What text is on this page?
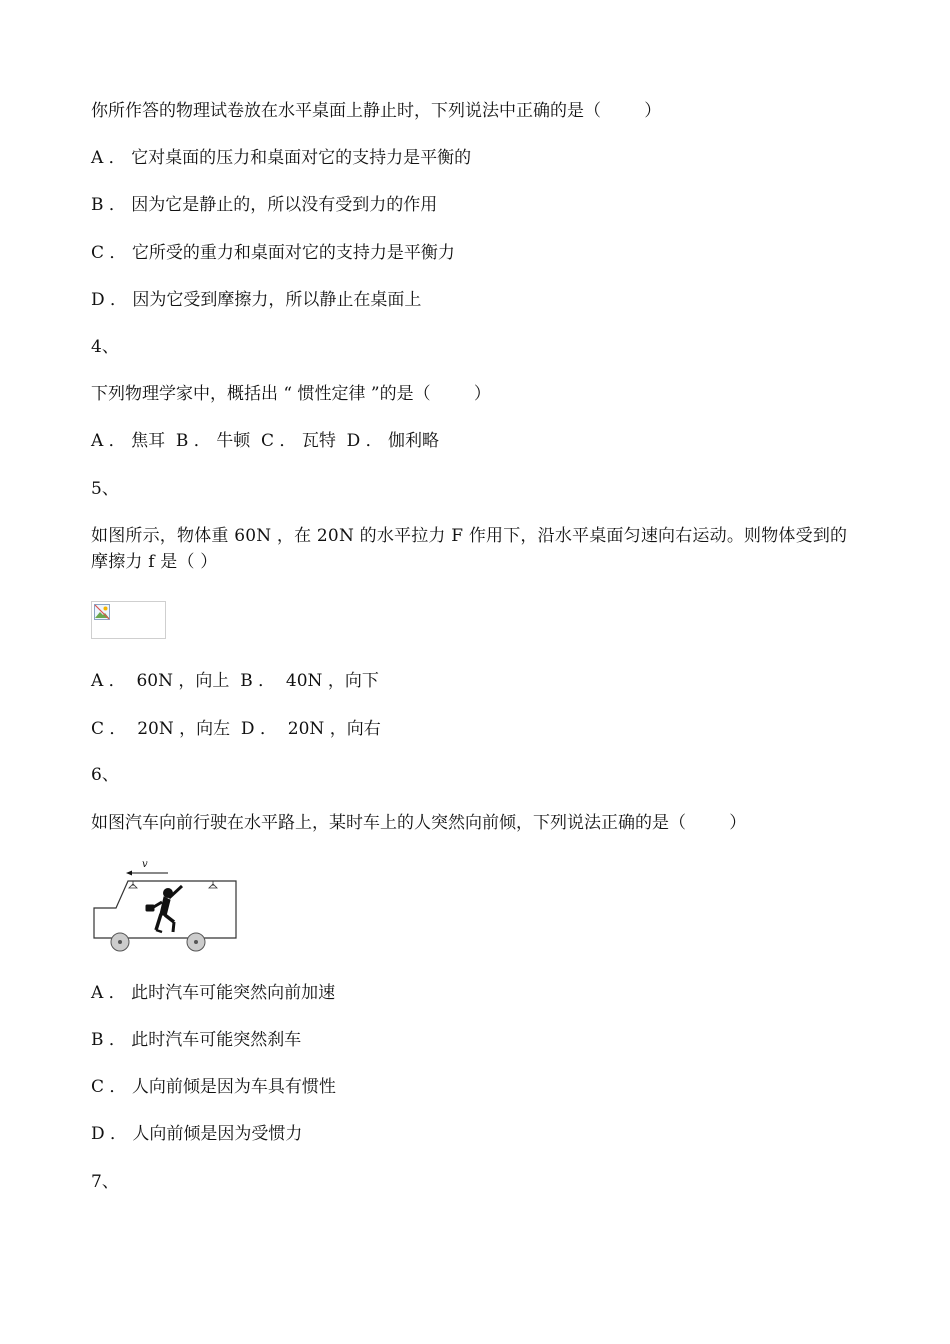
你所作答的物理试卷放在水平桌面上静止时，下列说法中正确的是（        ）
A ． 它对桌面的压力和桌面对它的支持力是平衡的
B ． 因为它是静止的，所以没有受到力的作用
C ． 它所受的重力和桌面对它的支持力是平衡力
D ． 因为它受到摩擦力，所以静止在桌面上
4、
下列物理学家中，概括出 “ 惯性定律 ”的是（        ）
A ． 焦耳  B ． 牛顿  C ． 瓦特  D ． 伽利略
5、
如图所示，物体重 60N ，在 20N 的水平拉力 F 作用下，沿水平桌面匀速向右运动。则物体受到的摩擦力 f 是（ ）
A ．  60N ，向上  B ．  40N ，向下
C ．  20N ，向左  D ．  20N ，向右
6、
如图汽车向前行驶在水平路上，某时车上的人突然向前倾，下列说法正确的是（        ）
v
A ． 此时汽车可能突然向前加速
B ． 此时汽车可能突然刹车
C ． 人向前倾是因为车具有惯性
D ． 人向前倾是因为受惯力
7、
